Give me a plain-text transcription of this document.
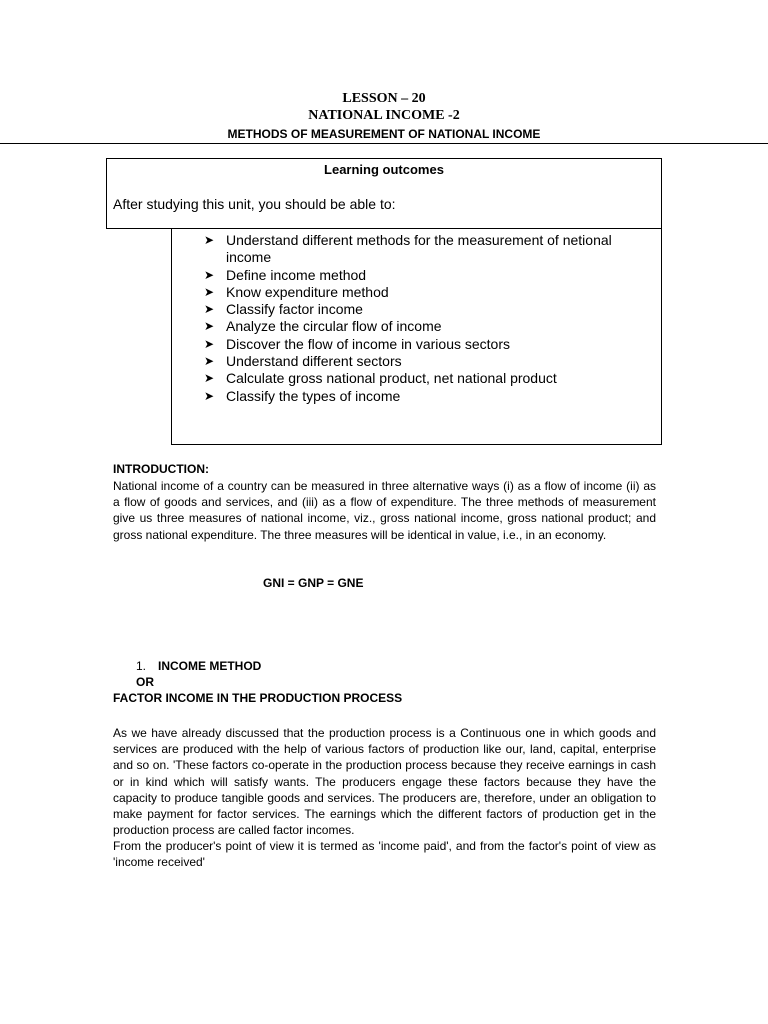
LESSON – 20
NATIONAL INCOME -2
METHODS OF MEASUREMENT OF NATIONAL INCOME
Learning outcomes
After studying this unit, you should be able to:
➤ Understand different methods for the measurement of netional income
➤ Define income method
➤ Know expenditure method
➤ Classify factor income
➤ Analyze the circular flow of income
➤ Discover the flow of income in various sectors
➤ Understand different sectors
➤ Calculate gross national product, net national product
➤ Classify the types of income
INTRODUCTION:

National income of a country can be measured in three alternative ways (i) as a flow of income (ii) as a flow of goods and services, and (iii) as a flow of expenditure. The three methods of measurement give us three measures of national income, viz., gross national income, gross national product; and gross national expenditure. The three measures will be identical in value, i.e., in an economy.

GNI = GNP = GNE
1. INCOME METHOD
OR
FACTOR INCOME IN THE PRODUCTION PROCESS

As we have already discussed that the production process is a Continuous one in which goods and services are produced with the help of various factors of production like our, land, capital, enterprise and so on. 'These factors co-operate in the production process because they receive earnings in cash or in kind which will satisfy wants. The producers engage these factors because they have the capacity to produce tangible goods and services. The producers are, therefore, under an obligation to make payment for factor services. The earnings which the different factors of production get in the production process are called factor incomes.

From the producer's point of view it is termed as 'income paid', and from the factor's point of view as 'income received'
